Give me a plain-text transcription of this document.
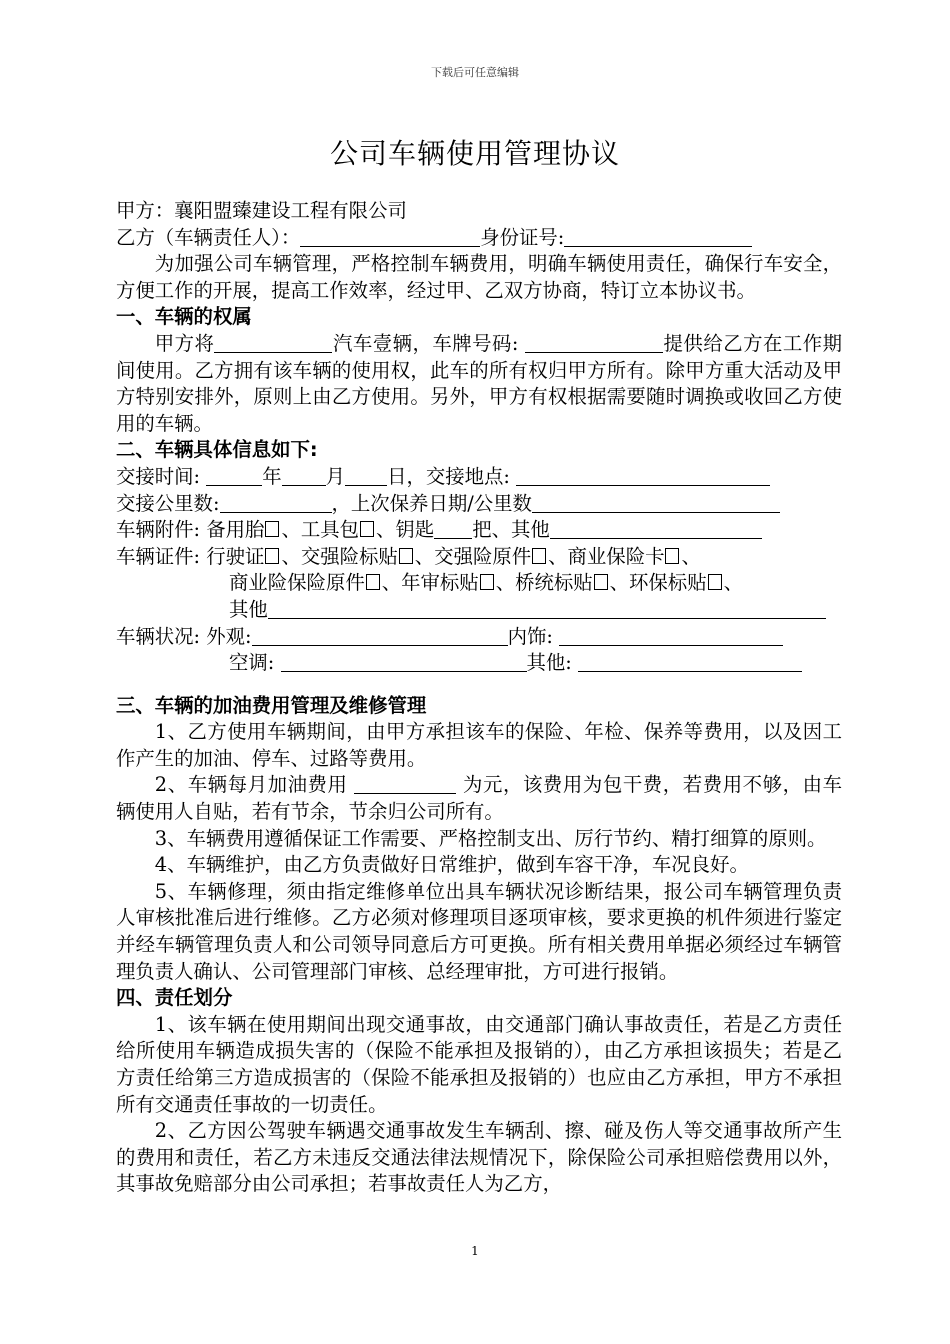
下载后可任意编辑
公司车辆使用管理协议
甲方：襄阳盟臻建设工程有限公司
乙方（车辆责任人）：	身份证号:
为加强公司车辆管理，严格控制车辆费用，明确车辆使用责任，确保行车安全，方便工作的开展，提高工作效率，经过甲、乙双方协商，特订立本协议书。
一、车辆的权属
甲方将	汽车壹辆，车牌号码:	提供给乙方在工作期间使用。乙方拥有该车辆的使用权，此车的所有权归甲方所有。除甲方重大活动及甲方特别安排外，原则上由乙方使用。另外，甲方有权根据需要随时调换或收回乙方使用的车辆。
二、车辆具体信息如下:
交接时间:	年 月 日，交接地点:
交接公里数:	，上次保养日期/公里数
车辆附件: 备用胎 、工具包 、钥匙 把、其他
车辆证件: 行驶证 、交强险标贴 、交强险原件 、商业保险卡 、
商业险保险原件 、年审标贴 、桥统标贴 、环保标贴 、
其他
车辆状况: 外观:	内饰:
空调:	其他:
三、车辆的加油费用管理及维修管理
1、乙方使用车辆期间，由甲方承担该车的保险、年检、保养等费用，以及因工作产生的加油、停车、过路等费用。
2、车辆每月加油费用	为元，该费用为包干费，若费用不够，由车辆使用人自贴，若有节余，节余归公司所有。
3、车辆费用遵循保证工作需要、严格控制支出、厉行节约、精打细算的原则。
4、车辆维护，由乙方负责做好日常维护，做到车容干净，车况良好。
5、车辆修理，须由指定维修单位出具车辆状况诊断结果，报公司车辆管理负责人审核批准后进行维修。乙方必须对修理项目逐项审核，要求更换的机件须进行鉴定并经车辆管理负责人和公司领导同意后方可更换。所有相关费用单据必须经过车辆管理负责人确认、公司管理部门审核、总经理审批，方可进行报销。
四、责任划分
1、该车辆在使用期间出现交通事故，由交通部门确认事故责任，若是乙方责任给所使用车辆造成损失害的（保险不能承担及报销的），由乙方承担该损失；若是乙方责任给第三方造成损害的（保险不能承担及报销的）也应由乙方承担，甲方不承担所有交通责任事故的一切责任。
2、乙方因公驾驶车辆遇交通事故发生车辆刮、擦、碰及伤人等交通事故所产生的费用和责任，若乙方未违反交通法律法规情况下，除保险公司承担赔偿费用以外，其事故免赔部分由公司承担；若事故责任人为乙方，
1
